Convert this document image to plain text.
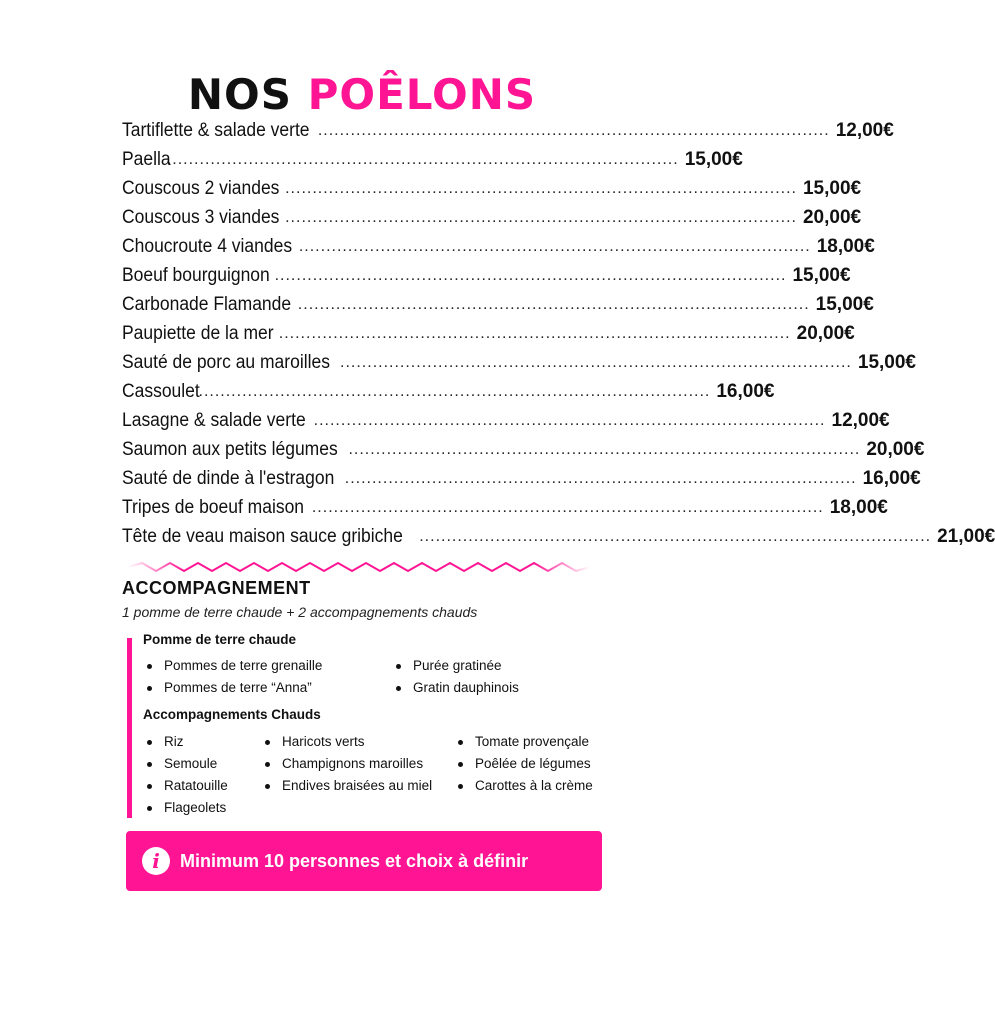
NOS POÊLONS
Tartiflette & salade verte .............................................................................................. 12,00€
Paella
.............................................................................................. 15,00€
Couscous 2 viandes .............................................................................................. 15,00€
Couscous 3 viandes .............................................................................................. 20,00€
Choucroute 4 viandes .............................................................................................. 18,00€
Boeuf bourguignon .............................................................................................. 15,00€
Carbonade Flamande .............................................................................................. 15,00€
Paupiette de la mer .............................................................................................. 20,00€
Sauté de porc au maroilles .............................................................................................. 15,00€
Cassoulet
.............................................................................................. 16,00€
Lasagne & salade verte .............................................................................................. 12,00€
Saumon aux petits légumes .............................................................................................. 20,00€
Sauté de dinde à l'estragon .............................................................................................. 16,00€
Tripes de boeuf maison .............................................................................................. 18,00€
Tête de veau maison sauce gribiche .............................................................................................. 21,00€
ACCOMPAGNEMENT
1 pomme de terre chaude + 2 accompagnements chauds
Pomme de terre chaude
Pommes de terre grenaille
Pommes de terre “Anna”
Purée gratinée
Gratin dauphinois
Accompagnements Chauds
Riz
Semoule
Ratatouille
Flageolets
Haricots verts
Champignons maroilles
Endives braisées au miel
Tomate provençale
Poêlée de légumes
Carottes à la crème
i	Minimum 10 personnes et choix à définir
